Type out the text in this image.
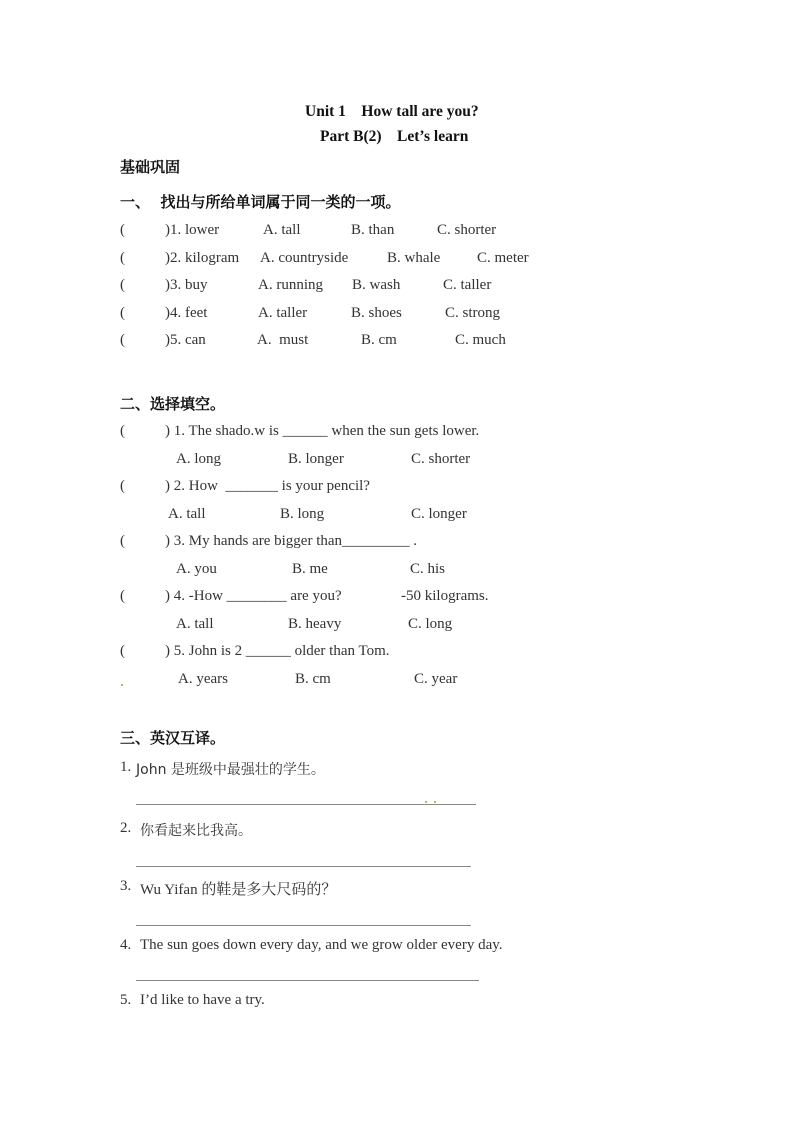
Unit 1    How tall are you?
Part B(2)    Let’s learn
基础巩固
一、  找出与所给单词属于同一类的一项。
(	)1. lower	A. tall	B. than	C. shorter
(	)2. kilogram A. countryside	B. whale C. meter
(	)3. buy	A. running B. wash	C. taller
(	)4. feet	A. taller	B. shoes	C. strong
(	)5. can	A.  must	B. cm	C. much
二、选择填空。
(	) 1. The shado.w is ______ when the sun gets lower.
A. long	B. longer	C. shorter
(	) 2. How  _______ is your pencil?
A. tall	B. long	C. longer
(	) 3. My hands are bigger than_________ .
A. you	B. me	C. his
(	) 4. -How ________ are you?	-50 kilograms.
A. tall	B. heavy	C. long
(	) 5. John is 2 ______ older than Tom.
A. years	B. cm	C. year
三、英汉互译。
1. John 是班级中最强壮的学生。
2. 你看起来比我高。
3. Wu Yifan 的鞋是多大尺码的？
4. The sun goes down every day, and we grow older every day.
5. I’d like to have a try.
